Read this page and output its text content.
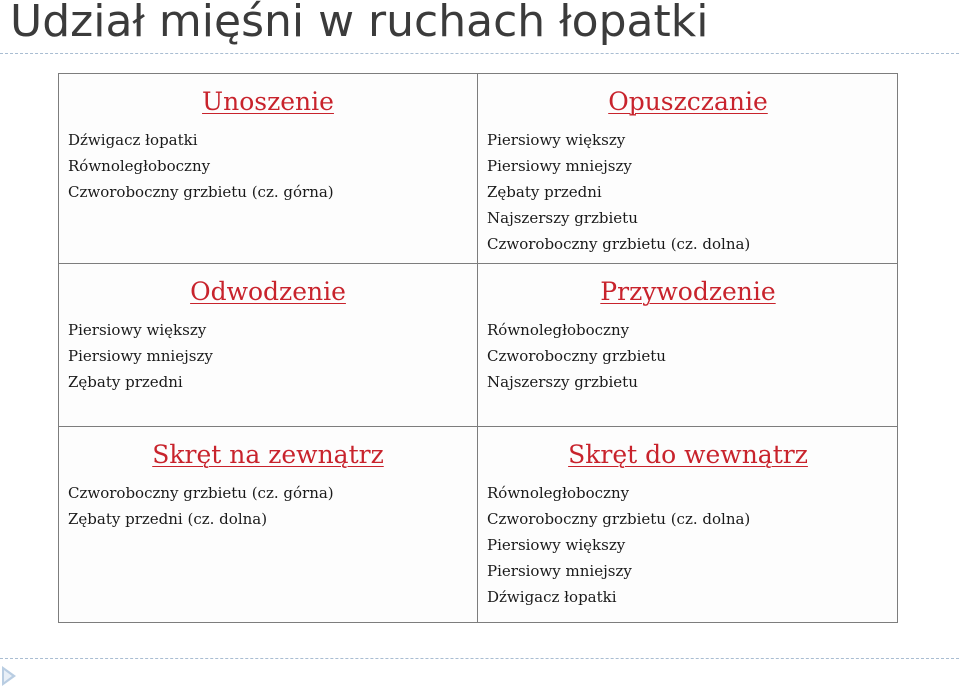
Udział mięśni w ruchach łopatki
Unoszenie
Dźwigacz łopatki
Równoległoboczny
Czworoboczny grzbietu (cz. górna)
Opuszczanie
Piersiowy większy
Piersiowy mniejszy
Zębaty przedni
Najszerszy grzbietu
Czworoboczny grzbietu (cz. dolna)
Odwodzenie
Piersiowy większy
Piersiowy mniejszy
Zębaty przedni
Przywodzenie
Równoległoboczny
Czworoboczny grzbietu
Najszerszy grzbietu
Skręt na zewnątrz
Czworoboczny grzbietu (cz. górna)
Zębaty przedni (cz. dolna)
Skręt do wewnątrz
Równoległoboczny
Czworoboczny grzbietu (cz. dolna)
Piersiowy większy
Piersiowy mniejszy
Dźwigacz łopatki
